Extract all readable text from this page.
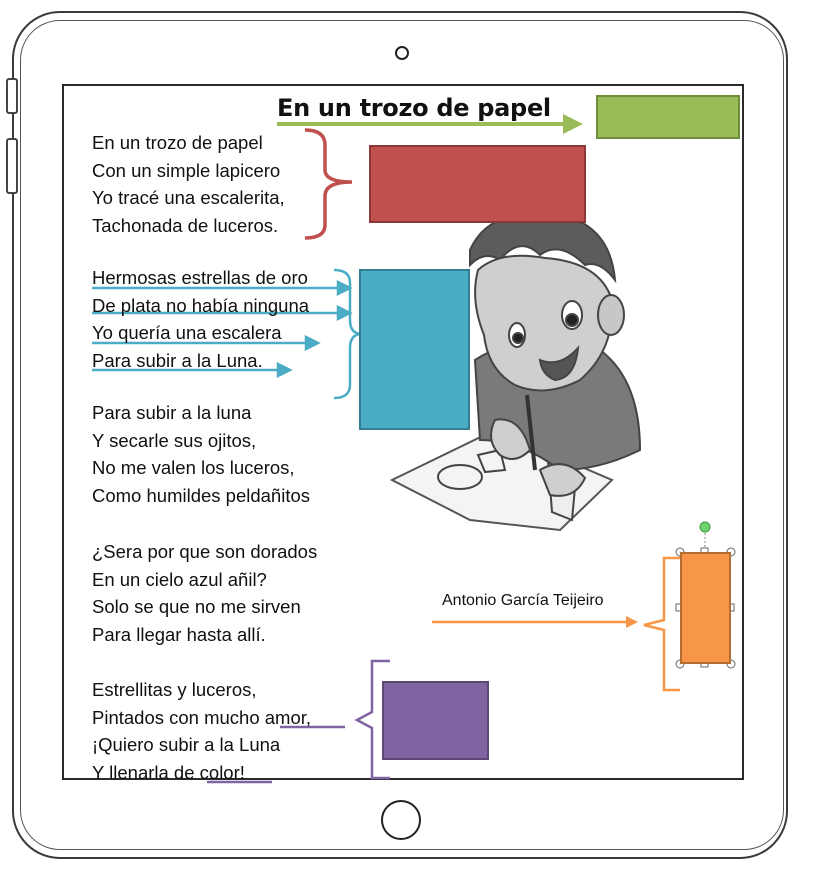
En un trozo de papel
En un trozo de papel
Con un simple lapicero
Yo tracé una escalerita,
Tachonada de luceros.
Hermosas estrellas de oro
De plata no había ninguna
Yo quería una escalera
Para subir a la Luna.
Para subir a la luna
Y secarle sus ojitos,
No me valen los luceros,
Como humildes peldañitos
¿Sera por que son dorados
En un cielo azul añil?
Solo se que no me sirven
Para llegar hasta allí.
Estrellitas y luceros,
Pintados con mucho amor,
¡Quiero subir a la Luna
Y llenarla de color!
Antonio García Teijeiro
